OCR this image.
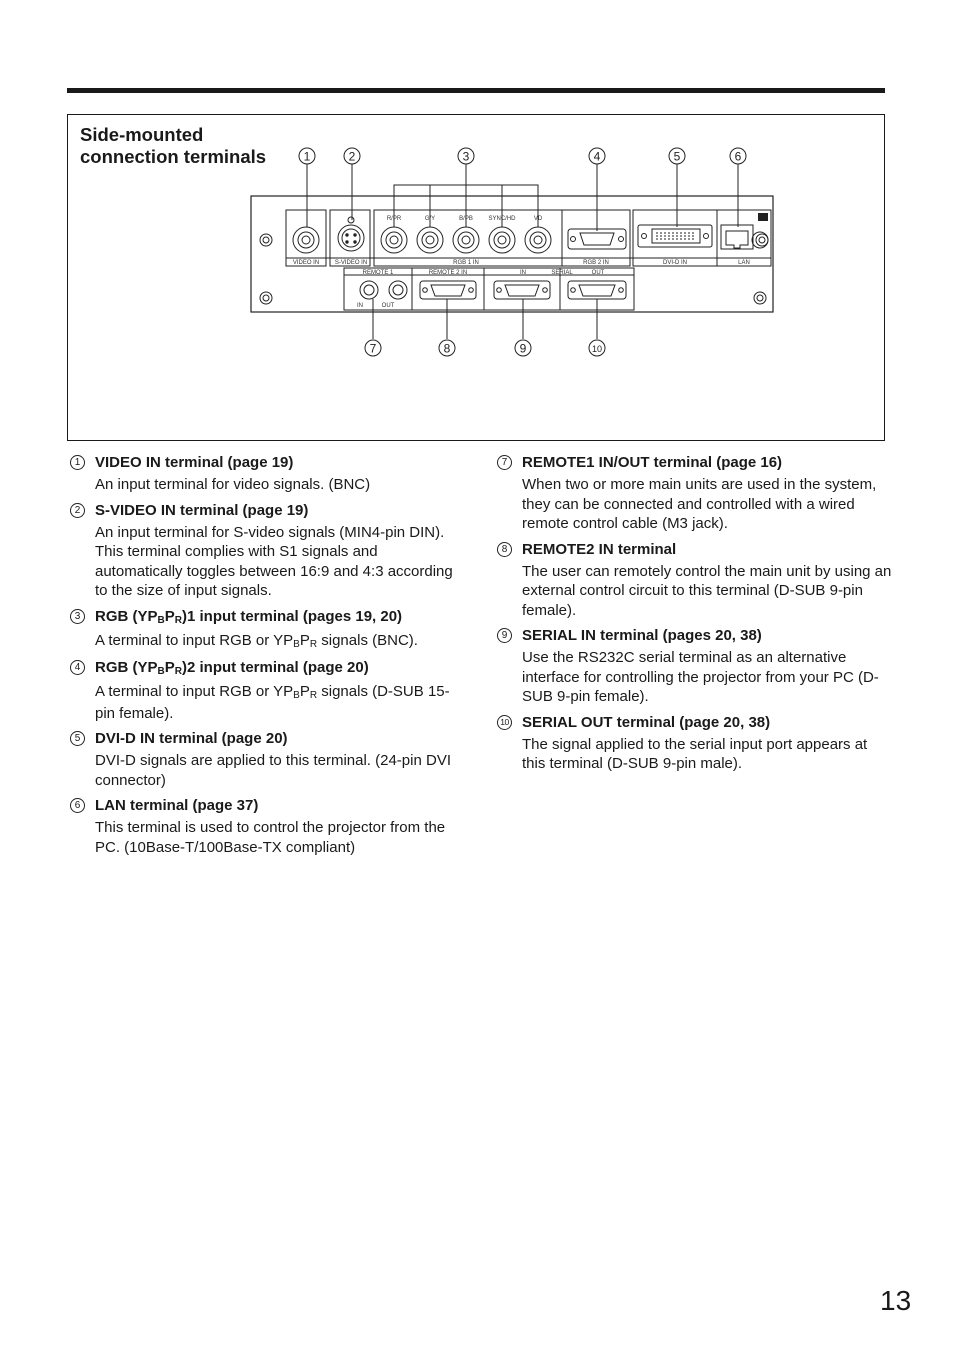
Side-mounted
connection terminals	1	2	3	4	5	6
7	8	9	10
VIDEO IN	S-VIDEO IN	RGB 1 IN	RGB 2 IN	DVI-D IN	LAN
R/PR	G/Y	B/PB	SYNC/HD	VD
REMOTE 1	REMOTE 2 IN	IN	SERIAL	OUT
IN	OUT
1 VIDEO IN terminal (page 19)

An input terminal for video signals. (BNC)

2 S-VIDEO IN terminal (page 19)

An input terminal for S-video signals (MIN4-pin DIN).

This terminal complies with S1 signals and automatically toggles between 16:9 and 4:3 according to the size of input signals.

3 RGB $(YP_BP_R)1$ input terminal (pages 19, 20)

A terminal to input RGB or $YP_BP_R$ signals (BNC).

4 RGB $(YP_BP_R)2$ input terminal (page 20)

A terminal to input RGB or $YP_BP_R$ signals (D-SUB 15-pin female).

5 DVI-D IN terminal (page 20)

DVI-D signals are applied to this terminal. (24-pin DVI connector)

6 LAN terminal (page 37)

This terminal is used to control the projector from the PC. (10Base-T/100Base-TX compliant)

7 REMOTE1 IN/OUT terminal (page 16)

When two or more main units are used in the system, they can be connected and controlled with a wired remote control cable (M3 jack).

8 REMOTE2 IN terminal

The user can remotely control the main unit by using an external control circuit to this terminal (D-SUB 9-pin female).

9 SERIAL IN terminal (pages 20, 38)

Use the RS232C serial terminal as an alternative interface for controlling the projector from your PC (D-SUB 9-pin female).

10 SERIAL OUT terminal (page 20, 38)

The signal applied to the serial input port appears at this terminal (D-SUB 9-pin male).

13
